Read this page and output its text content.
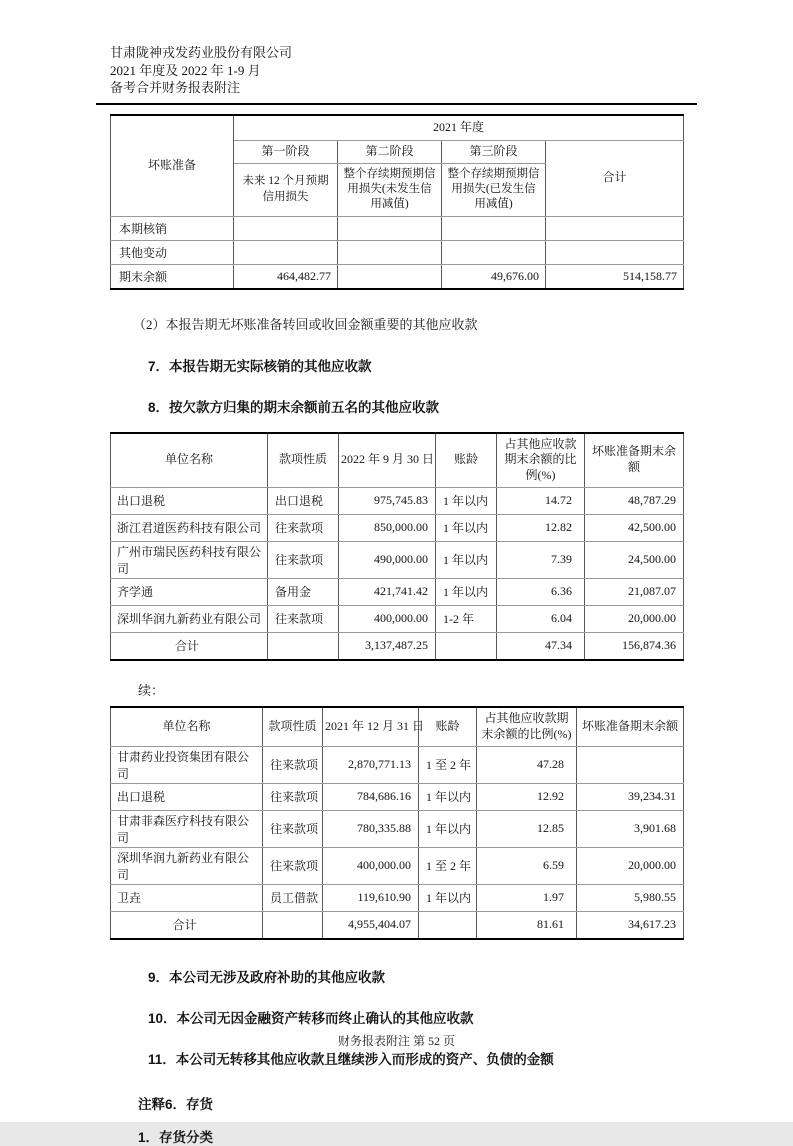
甘肃陇神戎发药业股份有限公司
2021 年度及 2022 年 1-9 月
备考合并财务报表附注
坏账准备	2021 年度			
	第一阶段	第二阶段	第三阶段	合计
	未来 12 个月预期信用损失	整个存续期预期信用损失(未发生信用减值)	整个存续期预期信用损失(已发生信用减值)	
本期核销				
其他变动				
期末余额	464,482.77		49,676.00	514,158.77

（2）本报告期无坏账准备转回或收回金额重要的其他应收款

7．本报告期无实际核销的其他应收款

8．按欠款方归集的期末余额前五名的其他应收款

单位名称	款项性质	2022 年 9 月 30 日	账龄	占其他应收款期末余额的比例(%)	坏账准备期末余额
出口退税	出口退税	975,745.83	1 年以内	14.72	48,787.29
浙江君道医药科技有限公司	往来款项	850,000.00	1 年以内	12.82	42,500.00
广州市瑞民医药科技有限公司	往来款项	490,000.00	1 年以内	7.39	24,500.00
齐学通	备用金	421,741.42	1 年以内	6.36	21,087.07
深圳华润九新药业有限公司	往来款项	400,000.00	1-2 年	6.04	20,000.00
合计		3,137,487.25		47.34	156,874.36

续：

单位名称	款项性质	2021 年 12 月 31 日	账龄	占其他应收款期末余额的比例(%)	坏账准备期末余额
甘肃药业投资集团有限公司	往来款项	2,870,771.13	1 至 2 年	47.28	
出口退税	往来款项	784,686.16	1 年以内	12.92	39,234.31
甘肃菲森医疗科技有限公司	往来款项	780,335.88	1 年以内	12.85	3,901.68
深圳华润九新药业有限公司	往来款项	400,000.00	1 至 2 年	6.59	20,000.00
卫垚	员工借款	119,610.90	1 年以内	1.97	5,980.55
合计		4,955,404.07		81.61	34,617.23

9．本公司无涉及政府补助的其他应收款

10．本公司无因金融资产转移而终止确认的其他应收款

11．本公司无转移其他应收款且继续涉入而形成的资产、负债的金额

注释6．存货

1．存货分类

财务报表附注 第 52 页
